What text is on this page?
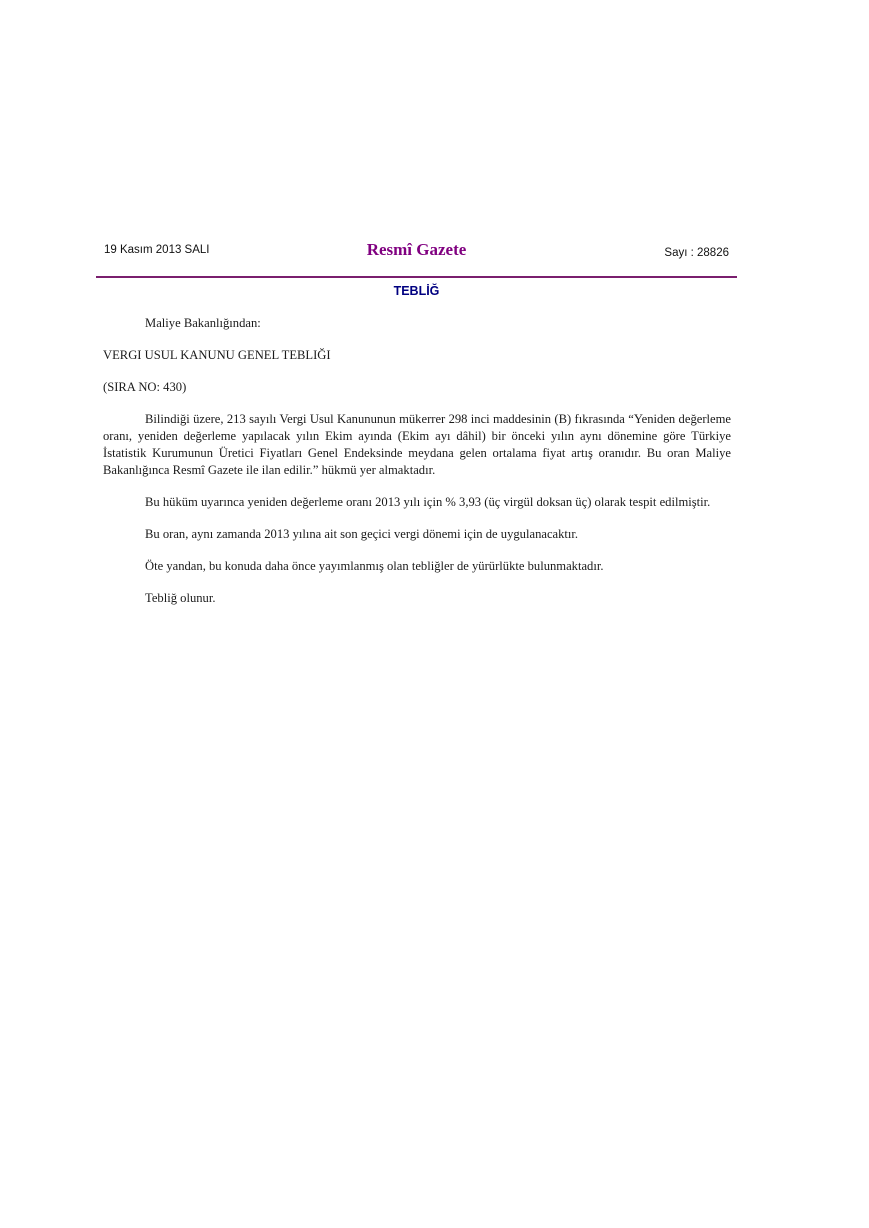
19 Kasım 2013 SALI	Resmî Gazete	Sayı : 28826
TEBLİĞ

Maliye Bakanlığından:

VERGI USUL KANUNU GENEL TEBLIĞI

(SIRA NO: 430)

Bilindiği üzere, 213 sayılı Vergi Usul Kanununun mükerrer 298 inci maddesinin (B) fıkrasında “Yeniden değerleme oranı, yeniden değerleme yapılacak yılın Ekim ayında (Ekim ayı dâhil) bir önceki yılın aynı dönemine göre Türkiye İstatistik Kurumunun Üretici Fiyatları Genel Endeksinde meydana gelen ortalama fiyat artış oranıdır. Bu oran Maliye Bakanlığınca Resmî Gazete ile ilan edilir.” hükmü yer almaktadır.

Bu hüküm uyarınca yeniden değerleme oranı 2013 yılı için % 3,93 (üç virgül doksan üç) olarak tespit edilmiştir.

Bu oran, aynı zamanda 2013 yılına ait son geçici vergi dönemi için de uygulanacaktır.

Öte yandan, bu konuda daha önce yayımlanmış olan tebliğler de yürürlükte bulunmaktadır.

Tebliğ olunur.
